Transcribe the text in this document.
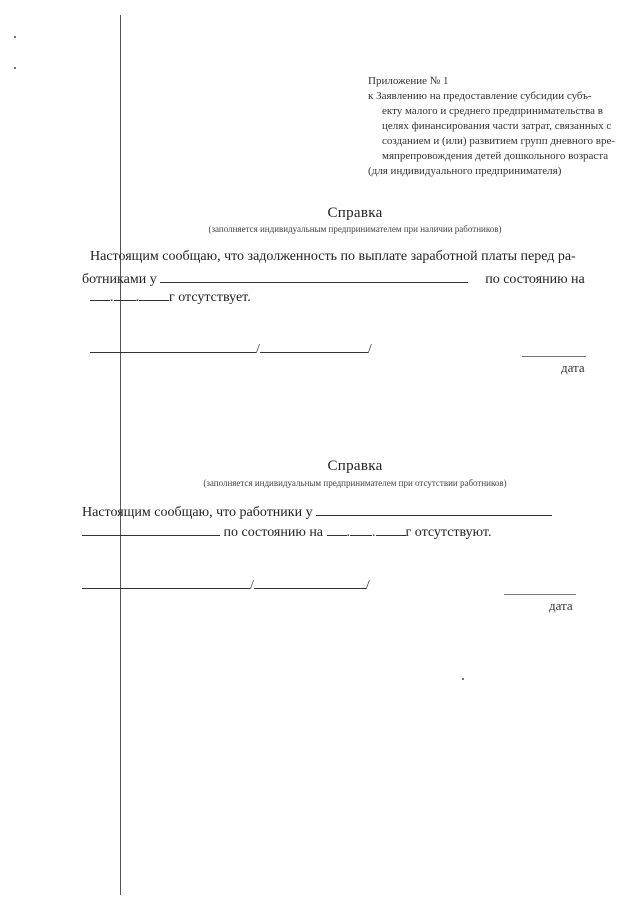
Приложение № 1
к Заявлению на предоставление субсидии субъ-
екту малого и среднего предпринимательства в
целях финансирования части затрат, связанных с
созданием и (или) развитием групп дневного вре-
мяпрепровождения детей дошкольного возраста
(для индивидуального предпринимателя)
Справка
(заполняется индивидуальным предпринимателем при наличии работников)
Настоящим сообщаю, что задолженность по выплате заработной платы перед ра-
ботниками у	по состоянию на
. . г отсутствует.
/	/
дата
Справка
(заполняется индивидуальным предпринимателем при отсутствии работников)
Настоящим сообщаю, что работники у
по состоянию на . . г отсутствуют.
/	/
дата
